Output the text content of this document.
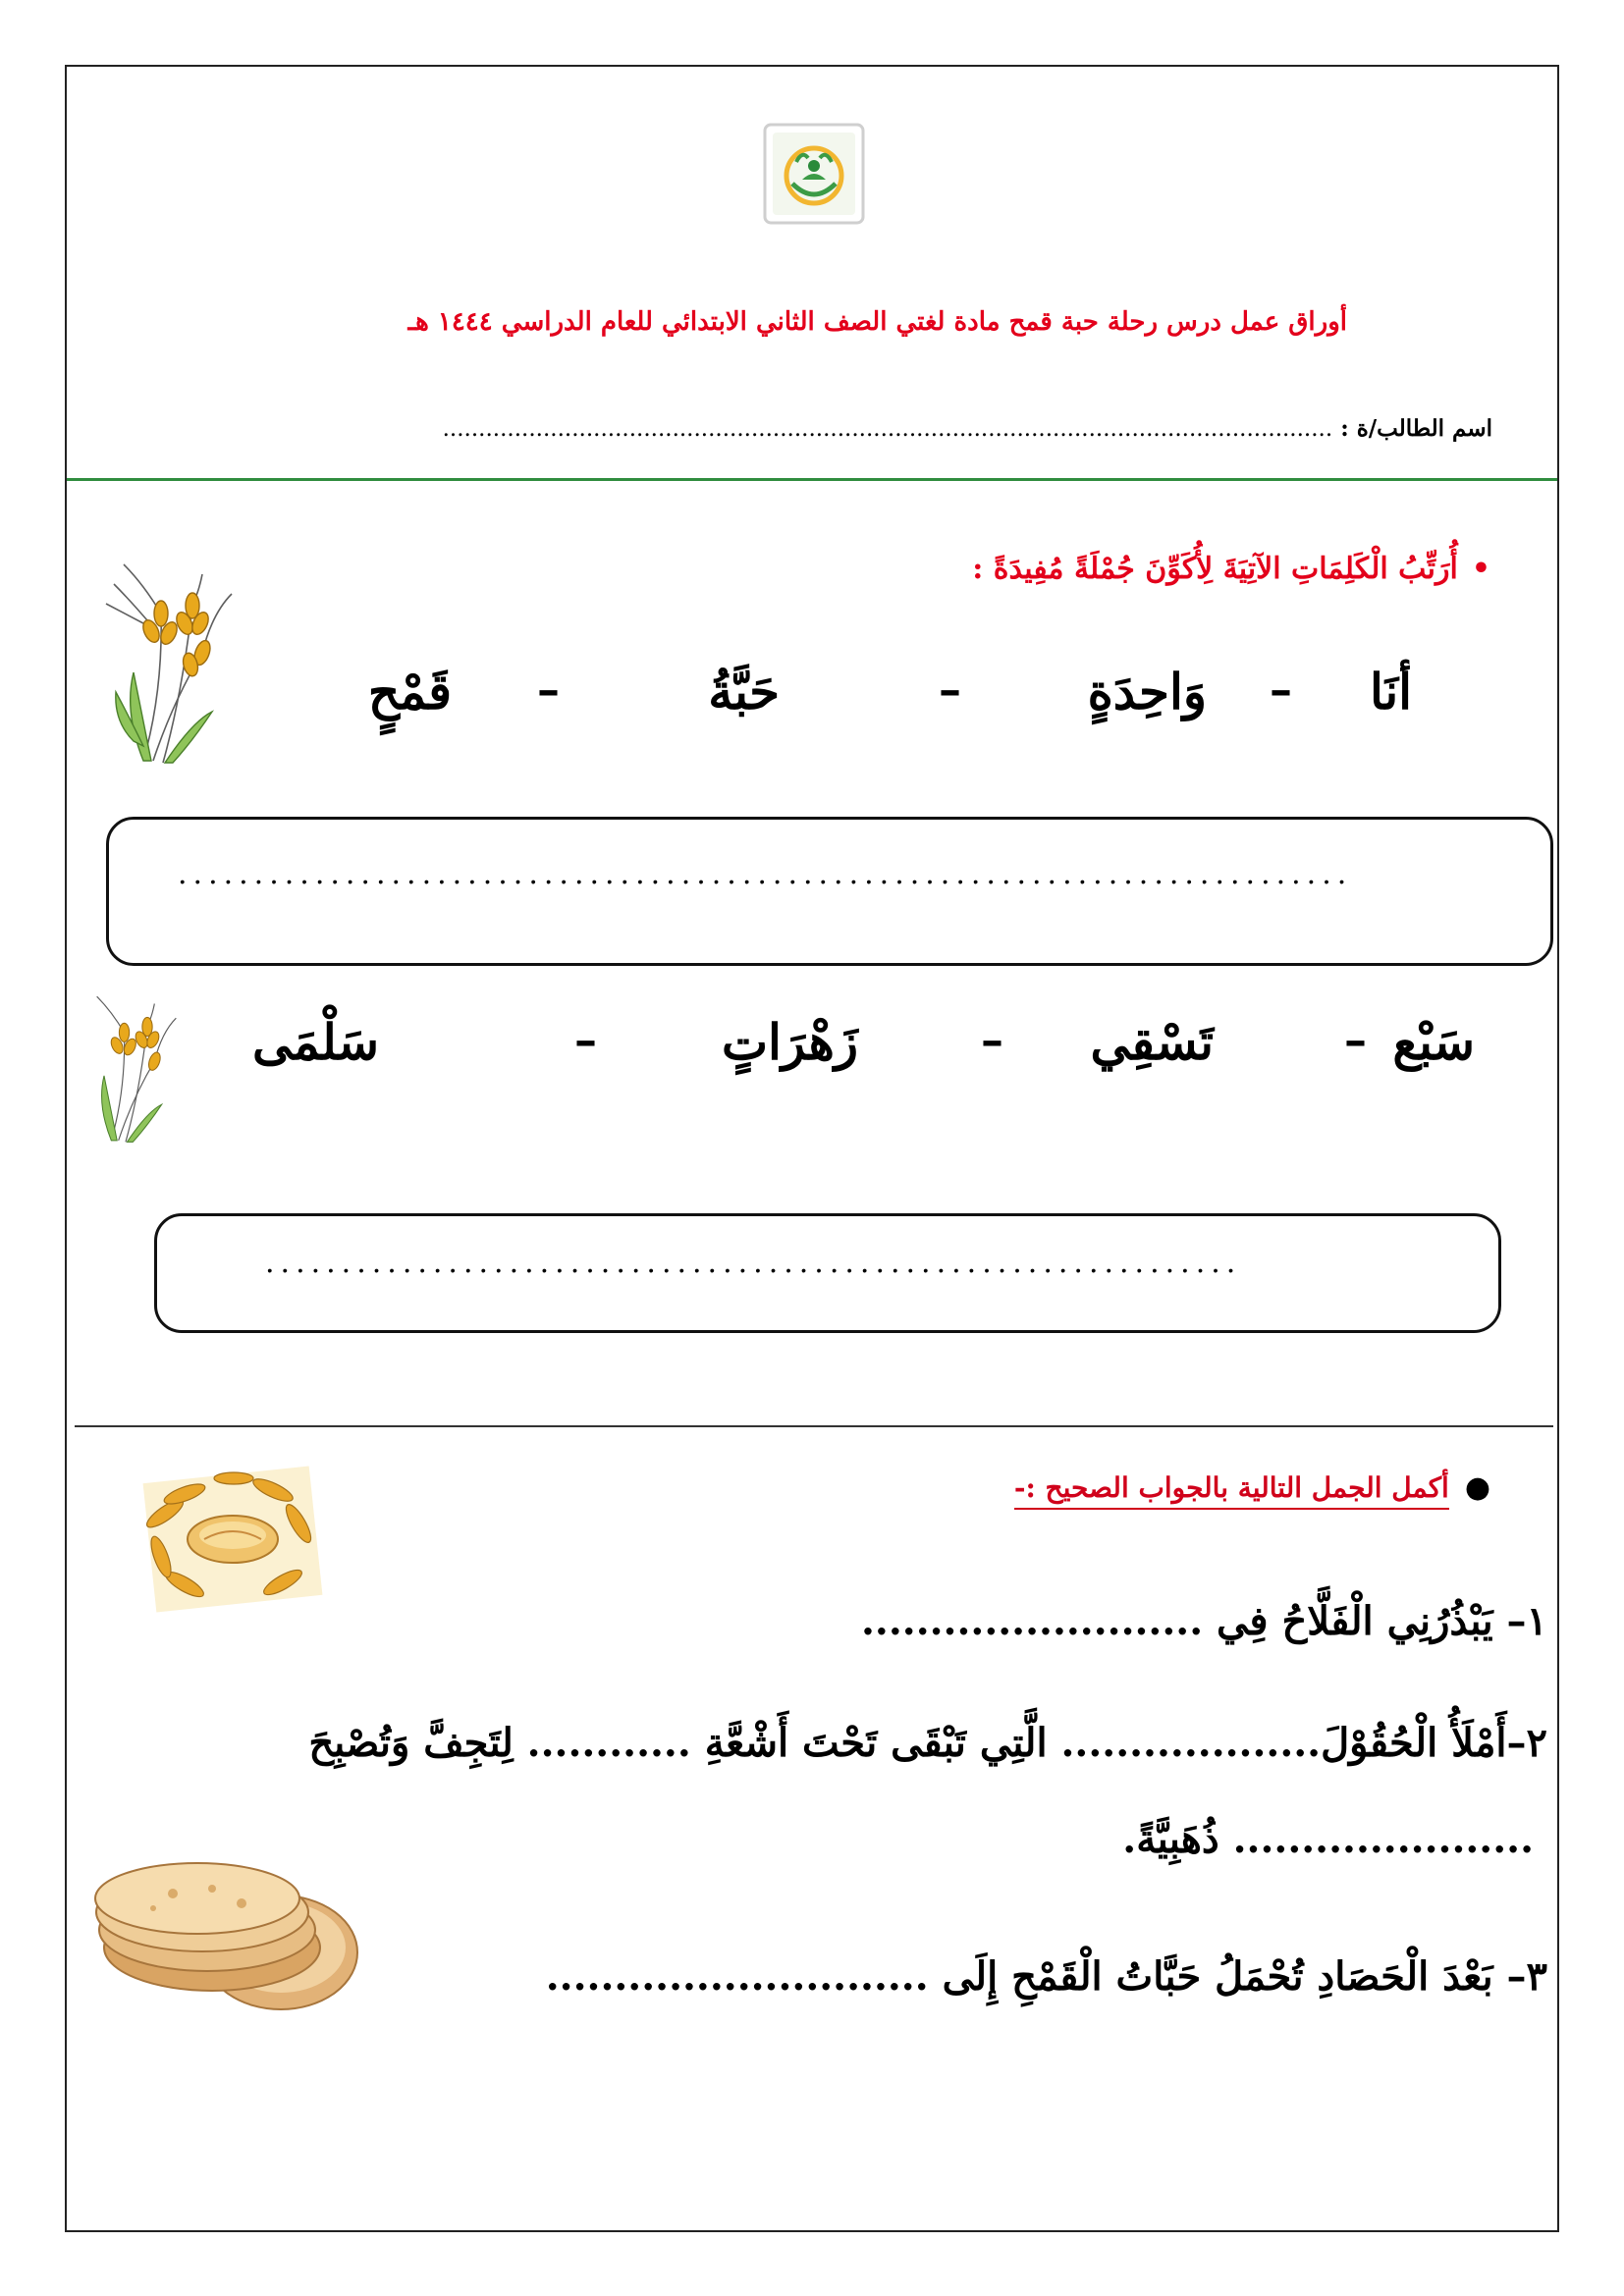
أوراق عمل درس رحلة حبة قمح مادة لغتي الصف الثاني الابتدائي للعام الدراسي ١٤٤٤ هـ
اسم الطالب/ة : ............................................................................................................................
•أُرَتِّبُ الْكَلِمَاتِ الآتِيَةَ لِأُكَوِّنَ جُمْلَةً مُفِيدَةً :
أنَا
–
وَاحِدَةٍ
–
حَبَّةُ
–
قَمْحٍ
.............................................................................
سَبْع
–
تَسْقِي
–
زَهْرَاتٍ
–
سَلْمَى
................................................................
●أكمل الجمل التالية بالجواب الصحيح :-
١– يَبْذُرُنِي الْفَلَّاحُ فِي .........................
٢–أَمْلَأُ الْحُقُوْلَ................... الَّتِي تَبْقَى تَحْتَ أَشْعَّةِ ............ لِتَجِفَّ وَتُصْبِحَ
...................... ذُهَبِيَّةً.
٣– بَعْدَ الْحَصَادِ تُحْمَلُ حَبَّاتُ الْقَمْحِ إِلَى ............................
